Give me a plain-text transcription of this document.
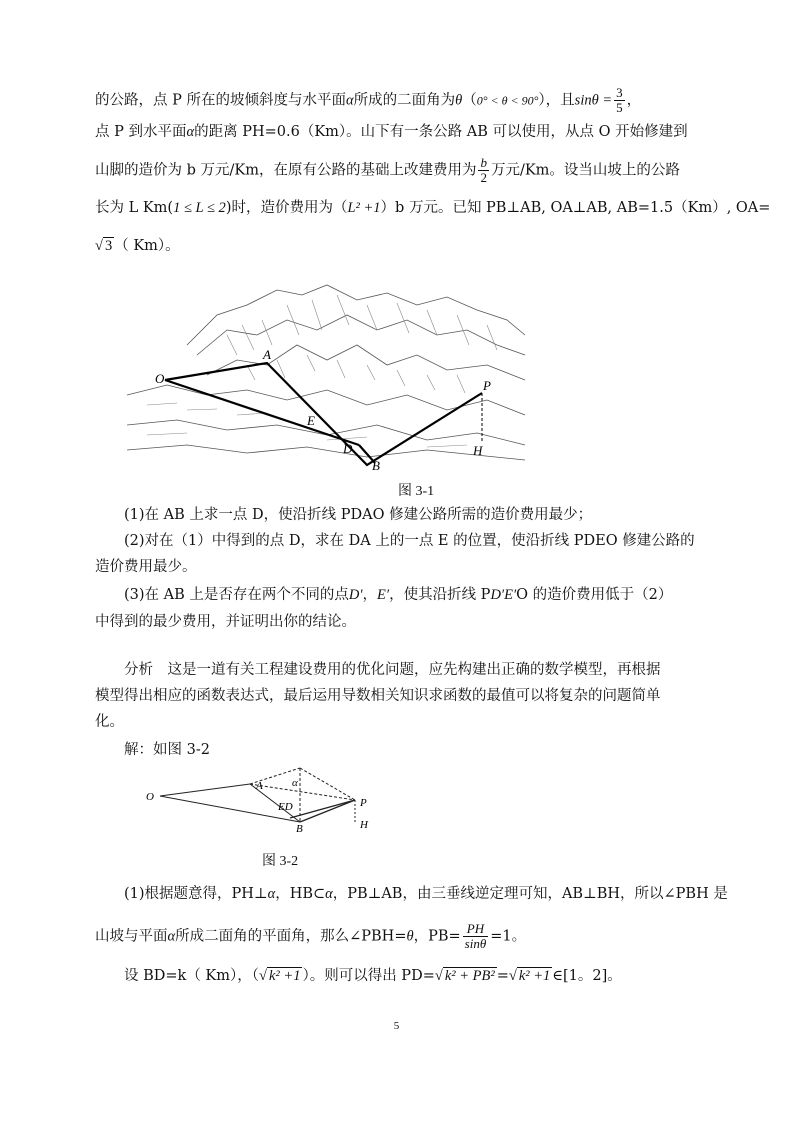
的公路，点 P 所在的坡倾斜度与水平面α所成的二面角为θ（0° < θ < 90°），且$\sin\theta = \frac{3}{5}$ ，
点 P 到水平面α的距离 PH=0.6（Km）。山下有一条公路 AB 可以使用，从点 O 开始修建到
山脚的造价为 b 万元/Km，在原有公路的基础上改建费用为 $\frac{b}{2}$ 万元/Km。设当山坡上的公路
长为 L Km(1 ≤ L ≤ 2)时，造价费用为（L² +1）b 万元。已知 PB⊥AB, OA⊥AB, AB=1.5（Km）, OA=
√ 3 （ Km）。
O
A
E
D
B
P
H
图 3-1
(1)在 AB 上求一点 D，使沿折线 PDAO 修建公路所需的造价费用最少；
(2)对在（1）中得到的点 D，求在 DA 上的一点 E 的位置，使沿折线 PDEO 修建公路的
造价费用最少。
(3)在 AB 上是否存在两个不同的点D′，E′，使其沿折线 PD′E′O 的造价费用低于（2）
中得到的最少费用，并证明出你的结论。
分析　这是一道有关工程建设费用的优化问题，应先构建出正确的数学模型，再根据
模型得出相应的函数表达式，最后运用导数相关知识求函数的最值可以将复杂的问题简单
化。
解：如图 3-2
O
A	α
ED
B
P
H
图 3-2
(1)根据题意得，PH⊥α，HB⊂α，PB⊥AB，由三垂线逆定理可知，AB⊥BH，所以∠PBH 是
山坡与平面α所成二面角的平面角，那么∠PBH=θ，$PB= \frac{PH}{\sin\theta} =1$。
设 BD=k（ Km），（√ k² +1 ）。则可以得出 PD=√ k² + PB² =√ k² +1 ∈[1。2]。
5
